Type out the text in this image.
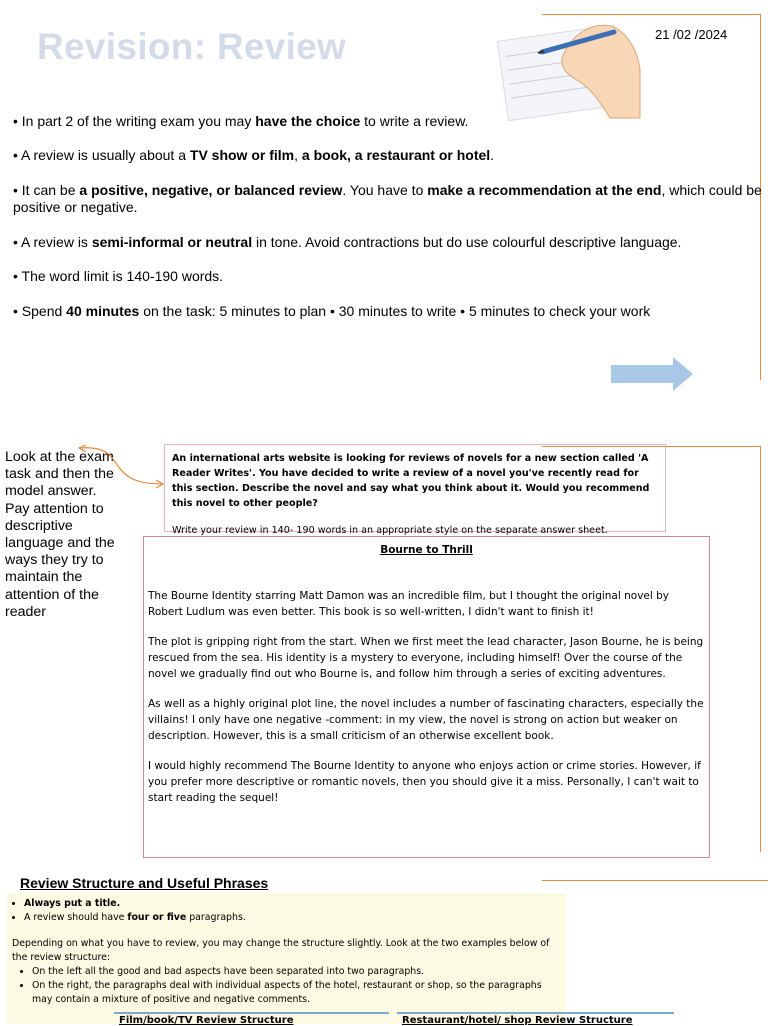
Revision: Review	21 /02 /2024
• In part 2 of the writing exam you may have the choice to write a review.
• A review is usually about a TV show or film, a book, a restaurant or hotel.
• It can be a positive, negative, or balanced review. You have to make a recommendation at the end, which could be positive or negative.
• A review is semi-informal or neutral in tone. Avoid contractions but do use colourful descriptive language.
• The word limit is 140-190 words.
• Spend 40 minutes on the task: 5 minutes to plan • 30 minutes to write • 5 minutes to check your work
Look at the exam task and then the model answer.
Pay attention to descriptive language and the ways they try to maintain the attention of the reader
An international arts website is looking for reviews of novels for a new section called 'A Reader Writes'. You have decided to write a review of a novel you've recently read for this section. Describe the novel and say what you think about it. Would you recommend this novel to other people?
Write your review in 140- 190 words in an appropriate style on the separate answer sheet.
Bourne to Thrill

The Bourne Identity starring Matt Damon was an incredible film, but I thought the original novel by Robert Ludlum was even better. This book is so well-written, I didn't want to finish it!

The plot is gripping right from the start. When we first meet the lead character, Jason Bourne, he is being rescued from the sea. His identity is a mystery to everyone, including himself! Over the course of the novel we gradually find out who Bourne is, and follow him through a series of exciting adventures.

As well as a highly original plot line, the novel includes a number of fascinating characters, especially the villains! I only have one negative -comment: in my view, the novel is strong on action but weaker on description. However, this is a small criticism of an otherwise excellent book.

I would highly recommend The Bourne Identity to anyone who enjoys action or crime stories. However, if you prefer more descriptive or romantic novels, then you should give it a miss. Personally, I can't wait to start reading the sequel!

Review Structure and Useful Phrases
• Always put a title.
• A review should have four or five paragraphs.
Depending on what you have to review, you may change the structure slightly. Look at the two examples below of the review structure:
• On the left all the good and bad aspects have been separated into two paragraphs.
• On the right, the paragraphs deal with individual aspects of the hotel, restaurant or shop, so the paragraphs may contain a mixture of positive and negative comments.
Film/book/TV Review Structure	Restaurant/hotel/ shop Review Structure
